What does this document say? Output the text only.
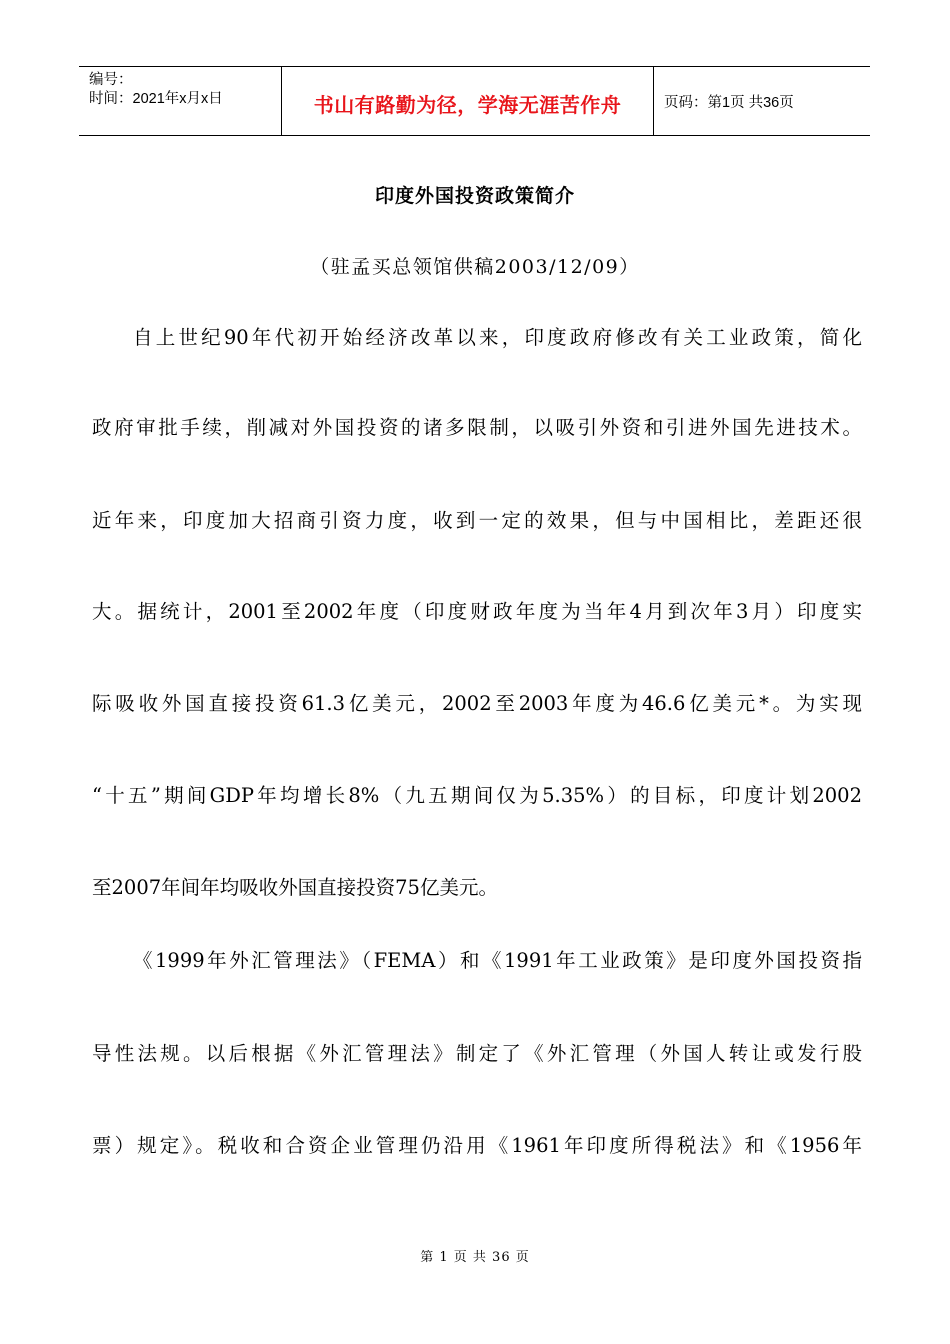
编号：
时间：2021年x月x日	书山有路勤为径，学海无涯苦作舟	页码：第1页 共36页
印度外国投资政策简介
（驻孟买总领馆供稿2003/12/09）
自上世纪90年代初开始经济改革以来，印度政府修改有关工业政策，简化
政府审批手续，削减对外国投资的诸多限制，以吸引外资和引进外国先进技术。
近年来，印度加大招商引资力度，收到一定的效果，但与中国相比，差距还很
大。据统计，2001至2002年度（印度财政年度为当年4月到次年3月）印度实
际吸收外国直接投资61.3亿美元，2002至2003年度为46.6亿美元*。为实现
“十五”期间GDP年均增长8%（九五期间仅为5.35%）的目标，印度计划2002
至2007年间年均吸收外国直接投资75亿美元。
《1999年外汇管理法》（FEMA）和《1991年工业政策》是印度外国投资指
导性法规。以后根据《外汇管理法》制定了《外汇管理（外国人转让或发行股
票）规定》。税收和合资企业管理仍沿用《1961年印度所得税法》和《1956年
第 1 页 共 36 页
